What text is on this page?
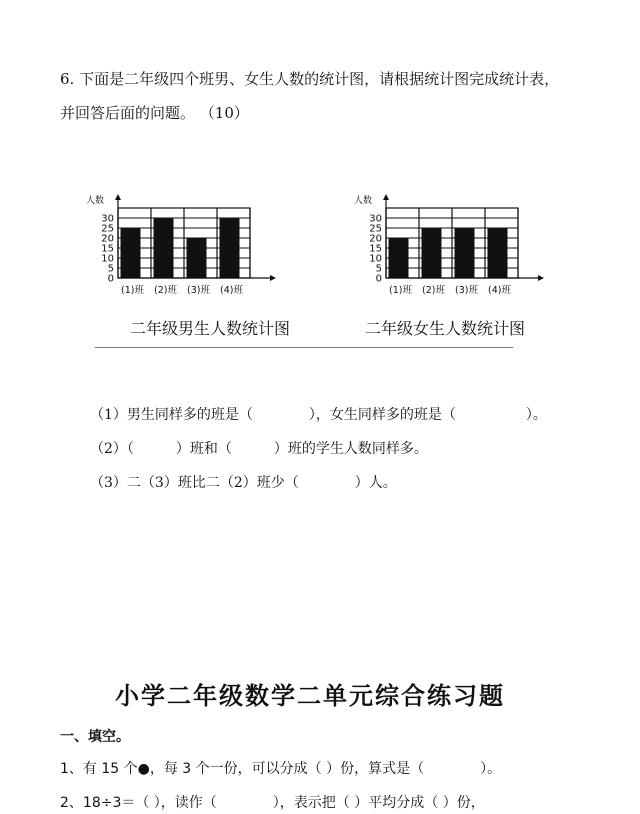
6. 下面是二年级四个班男、女生人数的统计图，请根据统计图完成统计表，
并回答后面的问题。 （10）
人数
0
5
10
15
20
25
30
(1)班 (2)班 (3)班 (4)班
人数
0
5
10
15
20
25
30
(1)班 (2)班 (3)班 (4)班
二年级男生人数统计图	二年级女生人数统计图
（1）男生同样多的班是（　　　　），女生同样多的班是（　　　　　）。
（2）（　　　）班和（　　　）班的学生人数同样多。
（3）二（3）班比二（2）班少（　　　　）人。
小学二年级数学二单元综合练习题
一、填空。
1、有 15 个●，每 3 个一份，可以分成（ ）份，算式是（　　　　）。
2、18÷3＝（ ），读作（　　　　），表示把（ ）平均分成（ ）份，
